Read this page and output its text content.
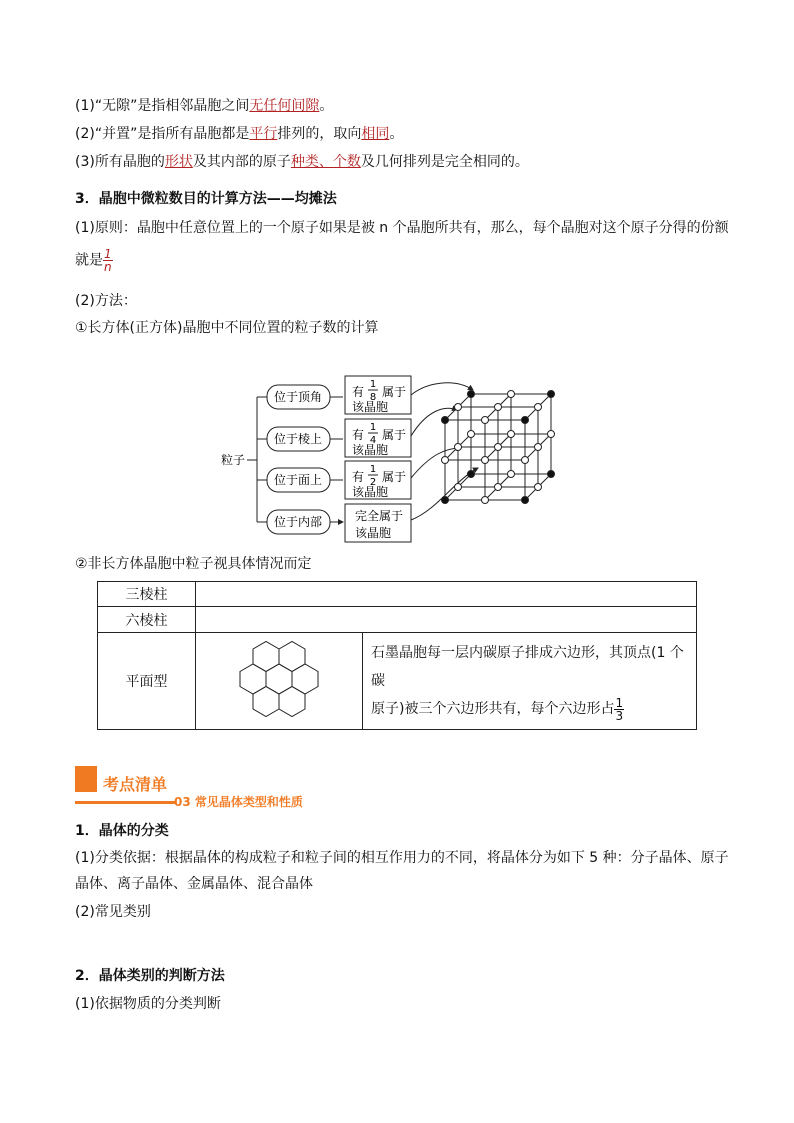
(1)“无隙”是指相邻晶胞之间无任何间隙。
(2)“并置”是指所有晶胞都是平行排列的，取向相同。
(3)所有晶胞的形状及其内部的原子种类、个数及几何排列是完全相同的。
3．晶胞中微粒数目的计算方法——均摊法
(1)原则：晶胞中任意位置上的一个原子如果是被 n 个晶胞所共有，那么，每个晶胞对这个原子分得的份额
就是 $\frac{1}{n}$
(2)方法：
①长方体(正方体)晶胞中不同位置的粒子数的计算
粒子
位于顶角
位于棱上
位于面上
位于内部
有
1
8 属于
该晶胞
有
1
4 属于
该晶胞
有
1
2 属于
该晶胞
完全属于
该晶胞
②非长方体晶胞中粒子视具体情况而定
三棱柱		
六棱柱		
平面型		石墨晶胞每一层内碳原子排成六边形，其顶点(1 个碳
原子)被三个六边形共有，每个六边形占 $\frac{1}{3}$
考点清单
03 常见晶体类型和性质
1．晶体的分类
(1)分类依据：根据晶体的构成粒子和粒子间的相互作用力的不同，将晶体分为如下 5 种：分子晶体、原子
晶体、离子晶体、金属晶体、混合晶体
(2)常见类别
2．晶体类别的判断方法
(1)依据物质的分类判断
